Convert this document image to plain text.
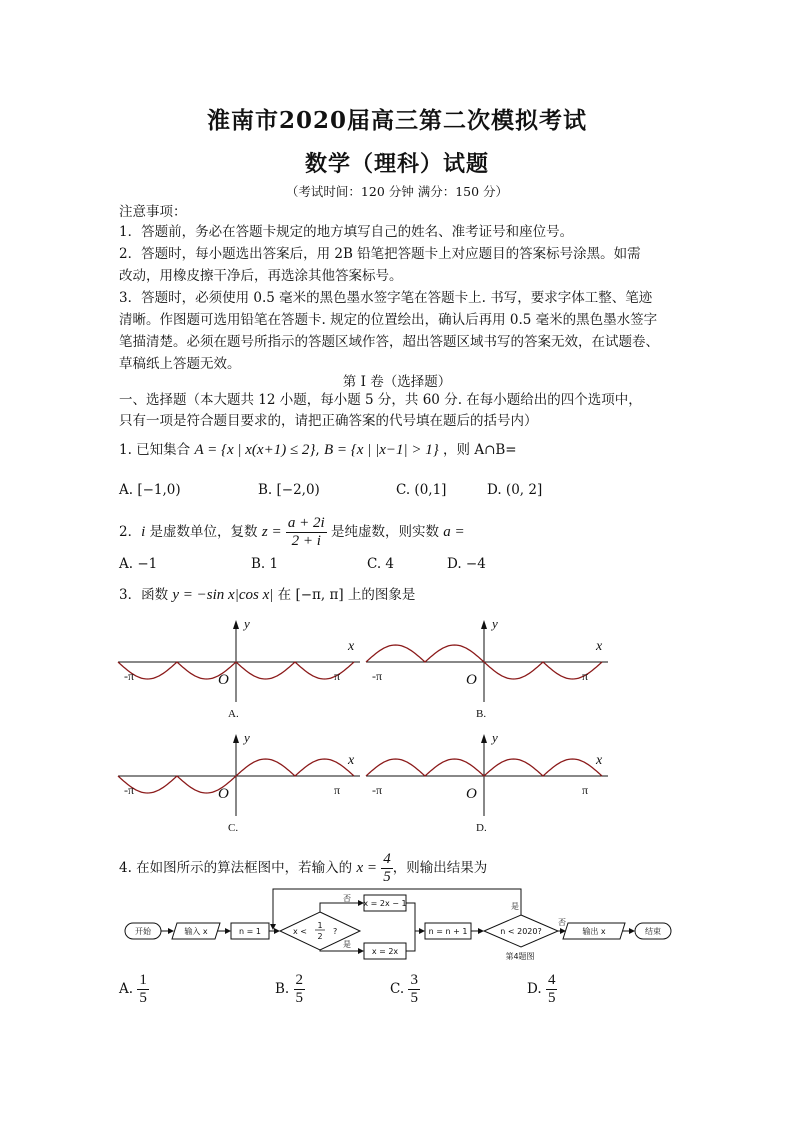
淮南市2020届高三第二次模拟考试
数学（理科）试题
（考试时间：120 分钟 满分：150 分）
注意事项：
1．答题前，务必在答题卡规定的地方填写自己的姓名、准考证号和座位号。
2．答题时，每小题选出答案后，用 2B 铅笔把答题卡上对应题目的答案标号涂黑。如需
改动，用橡皮擦干净后，再选涂其他答案标号。
3．答题时，必须使用 0.5 毫米的黑色墨水签字笔在答题卡上. 书写，要求字体工整、笔迹
清晰。作图题可选用铅笔在答题卡. 规定的位置绘出，确认后再用 0.5 毫米的黑色墨水签字
笔描清楚。必须在题号所指示的答题区域作答，超出答题区域书写的答案无效，在试题卷、
草稿纸上答题无效。
第 I 卷（选择题）
一、选择题（本大题共 12 小题，每小题 5 分，共 60 分. 在每小题给出的四个选项中，
只有一项是符合题目要求的，请把正确答案的代号填在题后的括号内）
1. 已知集合 A = {x | x(x+1) ≤ 2}, B = {x | |x−1| > 1} ，则 A∩B=
A. [−1,0)	B. [−2,0)	C. (0,1]	D. (0, 2]
2．i 是虚数单位，复数 $z = \frac{a + 2i}{2 + i}$ 是纯虚数，则实数 a =
A. −1	B. 1	C. 4	D. −4
3．函数 y = −sin x|cos x| 在 [−π, π] 上的图象是
x
y
O
-π	π
A.
x
y
O
-π	π
B.
x
y
O
-π	π
C.
x
y
O
-π	π
D.
4. 在如图所示的算法框图中，若输入的 $x = \frac{4}{5}$ ，则输出结果为
开始	输入 x	n = 1	x <
1
2
?
否
是
x = 2x − 1
x = 2x
n = n + 1	n < 2020?
否
是
输出 x	结束
第4题图
A. $\frac{1}{5}$	B. $\frac{2}{5}$	C. $\frac{3}{5}$	D. $\frac{4}{5}$
